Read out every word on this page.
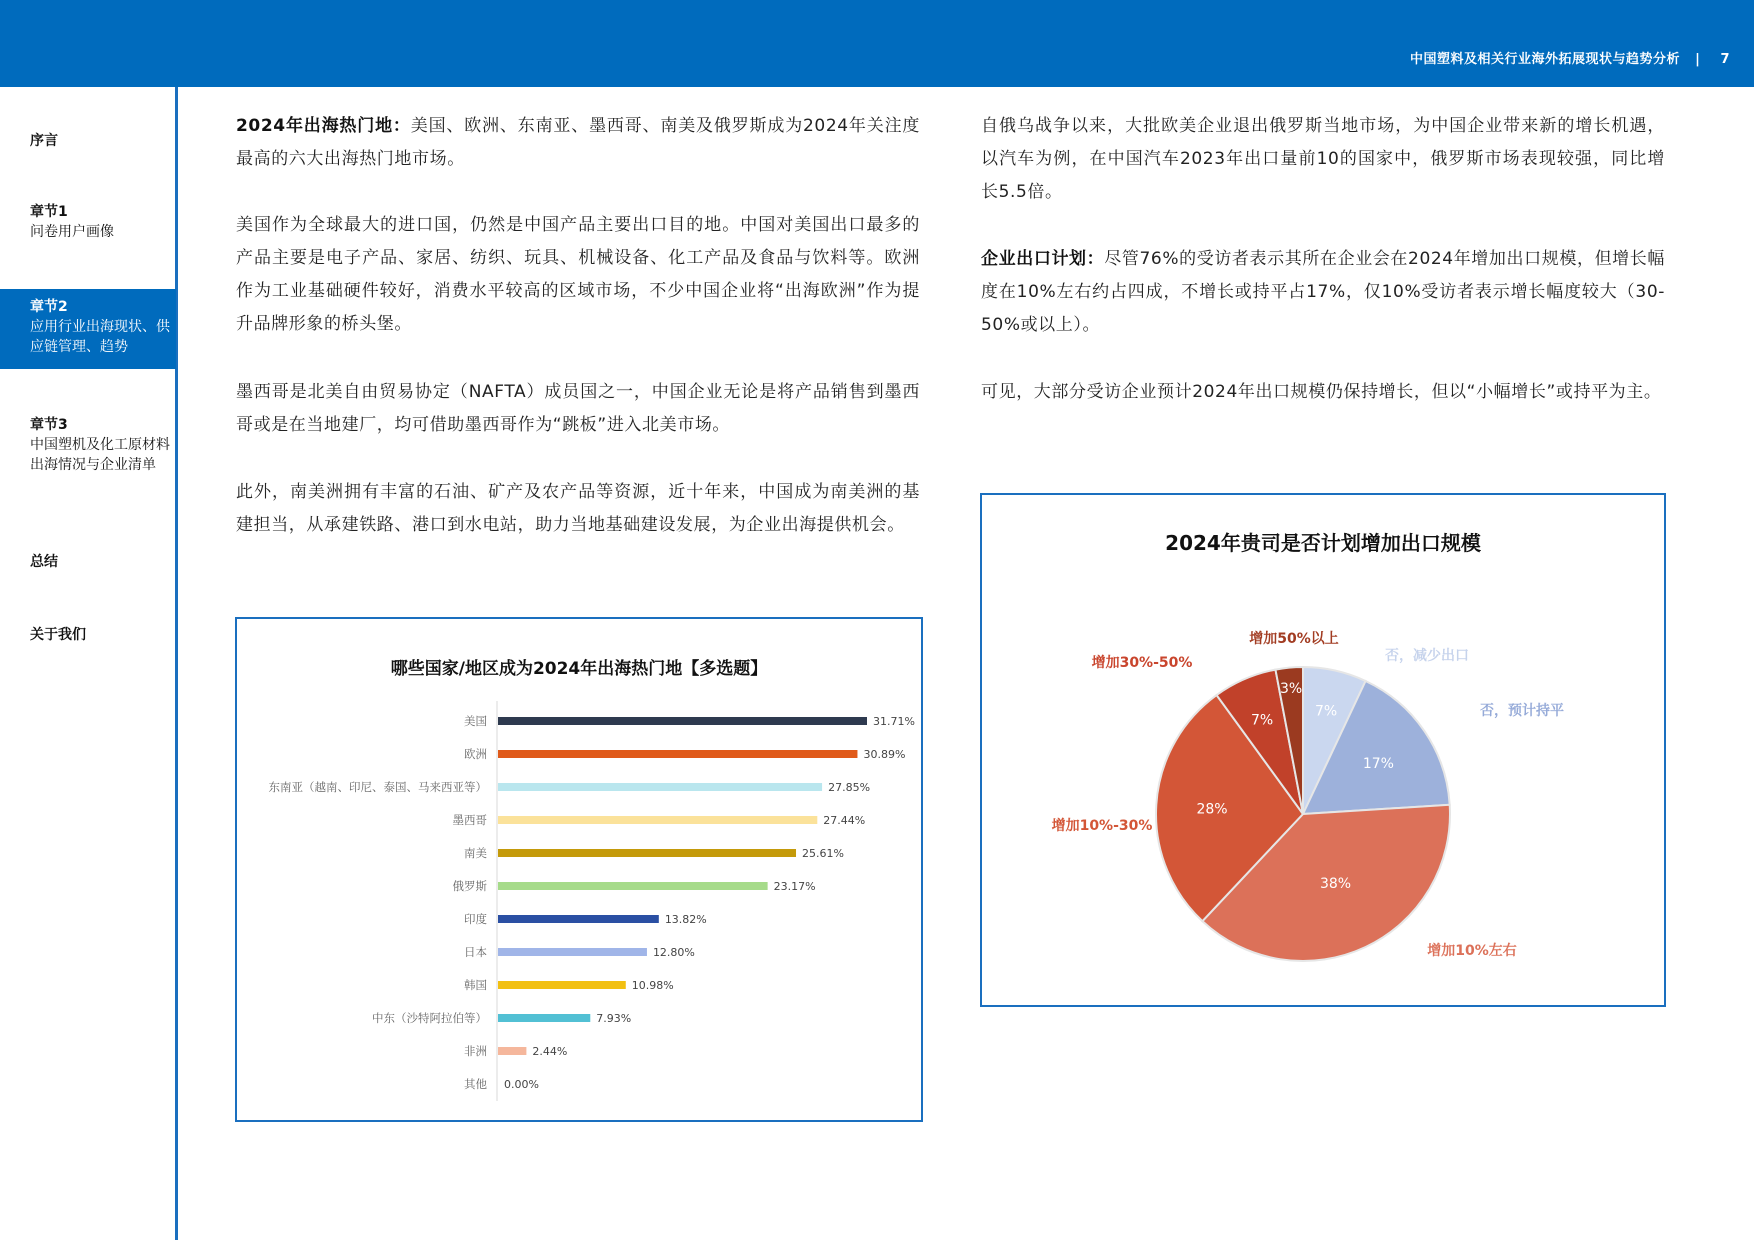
中国塑料及相关行业海外拓展现状与趋势分析 | 7
序言
章节1
问卷用户画像
章节2
应用行业出海现状、供应链管理、趋势
章节3
中国塑机及化工原材料出海情况与企业清单
总结
关于我们
2024年出海热门地：美国、欧洲、东南亚、墨西哥、南美及俄罗斯成为2024年关注度最高的六大出海热门地市场。
美国作为全球最大的进口国，仍然是中国产品主要出口目的地。中国对美国出口最多的产品主要是电子产品、家居、纺织、玩具、机械设备、化工产品及食品与饮料等。欧洲作为工业基础硬件较好，消费水平较高的区域市场，不少中国企业将“出海欧洲”作为提升品牌形象的桥头堡。
墨西哥是北美自由贸易协定（NAFTA）成员国之一，中国企业无论是将产品销售到墨西哥或是在当地建厂，均可借助墨西哥作为“跳板”进入北美市场。
此外，南美洲拥有丰富的石油、矿产及农产品等资源，近十年来，中国成为南美洲的基建担当，从承建铁路、港口到水电站，助力当地基础建设发展，为企业出海提供机会。
自俄乌战争以来，大批欧美企业退出俄罗斯当地市场，为中国企业带来新的增长机遇，以汽车为例，在中国汽车2023年出口量前10的国家中，俄罗斯市场表现较强，同比增长5.5倍。
企业出口计划：尽管76%的受访者表示其所在企业会在2024年增加出口规模，但增长幅度在10%左右约占四成，不增长或持平占17%，仅10%受访者表示增长幅度较大（30-50%或以上）。
可见，大部分受访企业预计2024年出口规模仍保持增长，但以“小幅增长”或持平为主。
哪些国家/地区成为2024年出海热门地【多选题】
美国	31.71%
欧洲	30.89%
东南亚（越南、印尼、泰国、马来西亚等）	27.85%
墨西哥	27.44%
南美	25.61%
俄罗斯	23.17%
印度	13.82%
日本	12.80%
韩国	10.98%
中东（沙特阿拉伯等）	7.93%
非洲	2.44%
其他 0.00%
2024年贵司是否计划增加出口规模
7%
否，减少出口
17%
否，预计持平
38%
增加10%左右
28%
增加10%-30%
7%
增加30%-50%
3%
增加50%以上
